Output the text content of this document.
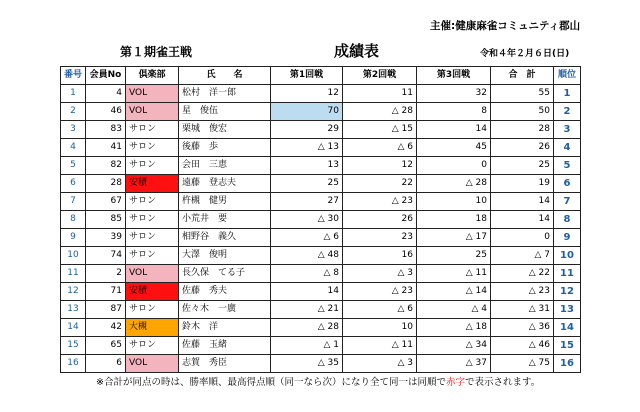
主催:健康麻雀コミュニティ郡山
第１期雀王戦	成績表	令和４年２月６日(日)
番号	会員No	倶楽部	氏　　名	第1回戦	第2回戦	第3回戦	合　計	順位
1	4	VOL	松村　洋一郎	12	11	32	55	1
2	46	VOL	星　俊伍	70	△ 28	8	50	2
3	83	サロン	栗城　俊宏	29	△ 15	14	28	3
4	41	サロン	後藤　歩	△ 13	△ 6	45	26	4
5	82	サロン	会田　三恵	13	12	0	25	5
6	28	安積	遠藤　登志夫	25	22	△ 28	19	6
7	67	サロン	杵槻　健男	27	△ 23	10	14	7
8	85	サロン	小荒井　要	△ 30	26	18	14	8
9	39	サロン	相野谷　義久	△ 6	23	△ 17	0	9
10	74	サロン	大澤　俊明	△ 48	16	25	△ 7	10
11	2	VOL	長久保　てる子	△ 8	△ 3	△ 11	△ 22	11
12	71	安積	佐藤　秀夫	14	△ 23	△ 14	△ 23	12
13	87	サロン	佐々木　一廣	△ 21	△ 6	△ 4	△ 31	13
14	42	大槻	鈴木　洋	△ 28	10	△ 18	△ 36	14
15	65	サロン	佐藤　玉緒	△ 1	△ 11	△ 34	△ 46	15
16	6	VOL	志賀　秀臣	△ 35	△ 3	△ 37	△ 75	16
※合計が同点の時は、勝率順、最高得点順（同一なら次）になり全て同一は同順で赤字で表示されます。
